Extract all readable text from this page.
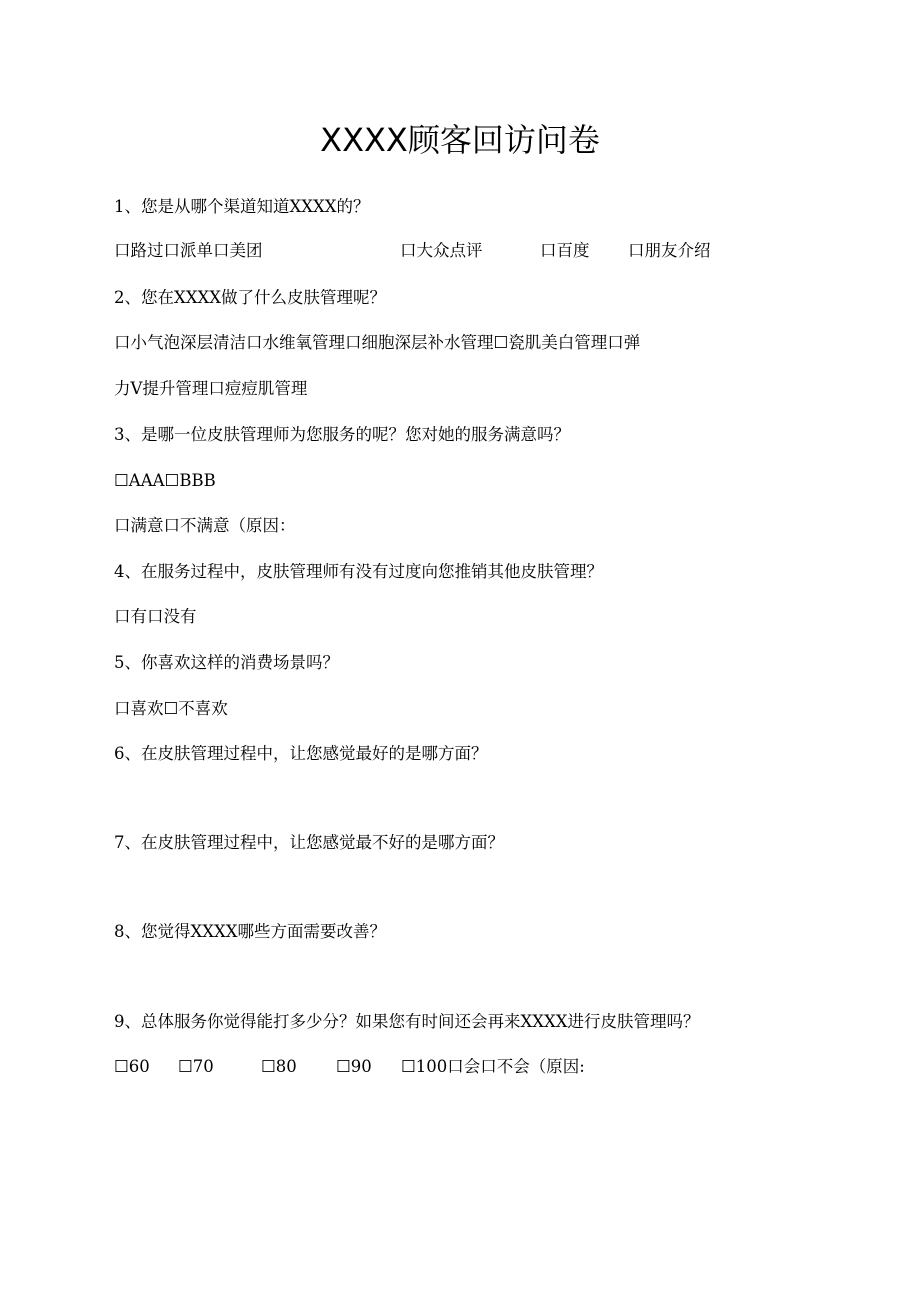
XXXX顾客回访问卷
1、您是从哪个渠道知道XXXX的？
口路过口派单口美团	口大众点评	口百度 口朋友介绍
2、您在XXXX做了什么皮肤管理呢？
口小气泡深层清洁口水维氧管理口细胞深层补水管理☐瓷肌美白管理口弹
力V提升管理口痘痘肌管理
3、是哪一位皮肤管理师为您服务的呢？您对她的服务满意吗？
☐AAA☐BBB
口满意口不满意（原因：
4、在服务过程中，皮肤管理师有没有过度向您推销其他皮肤管理？
口有口没有
5、你喜欢这样的消费场景吗？
口喜欢☐不喜欢
6、在皮肤管理过程中，让您感觉最好的是哪方面？
7、在皮肤管理过程中，让您感觉最不好的是哪方面？
8、您觉得XXXX哪些方面需要改善？
9、总体服务你觉得能打多少分？如果您有时间还会再来XXXX进行皮肤管理吗？
☐60 ☐70	☐80 ☐90 ☐100口会口不会（原因:
